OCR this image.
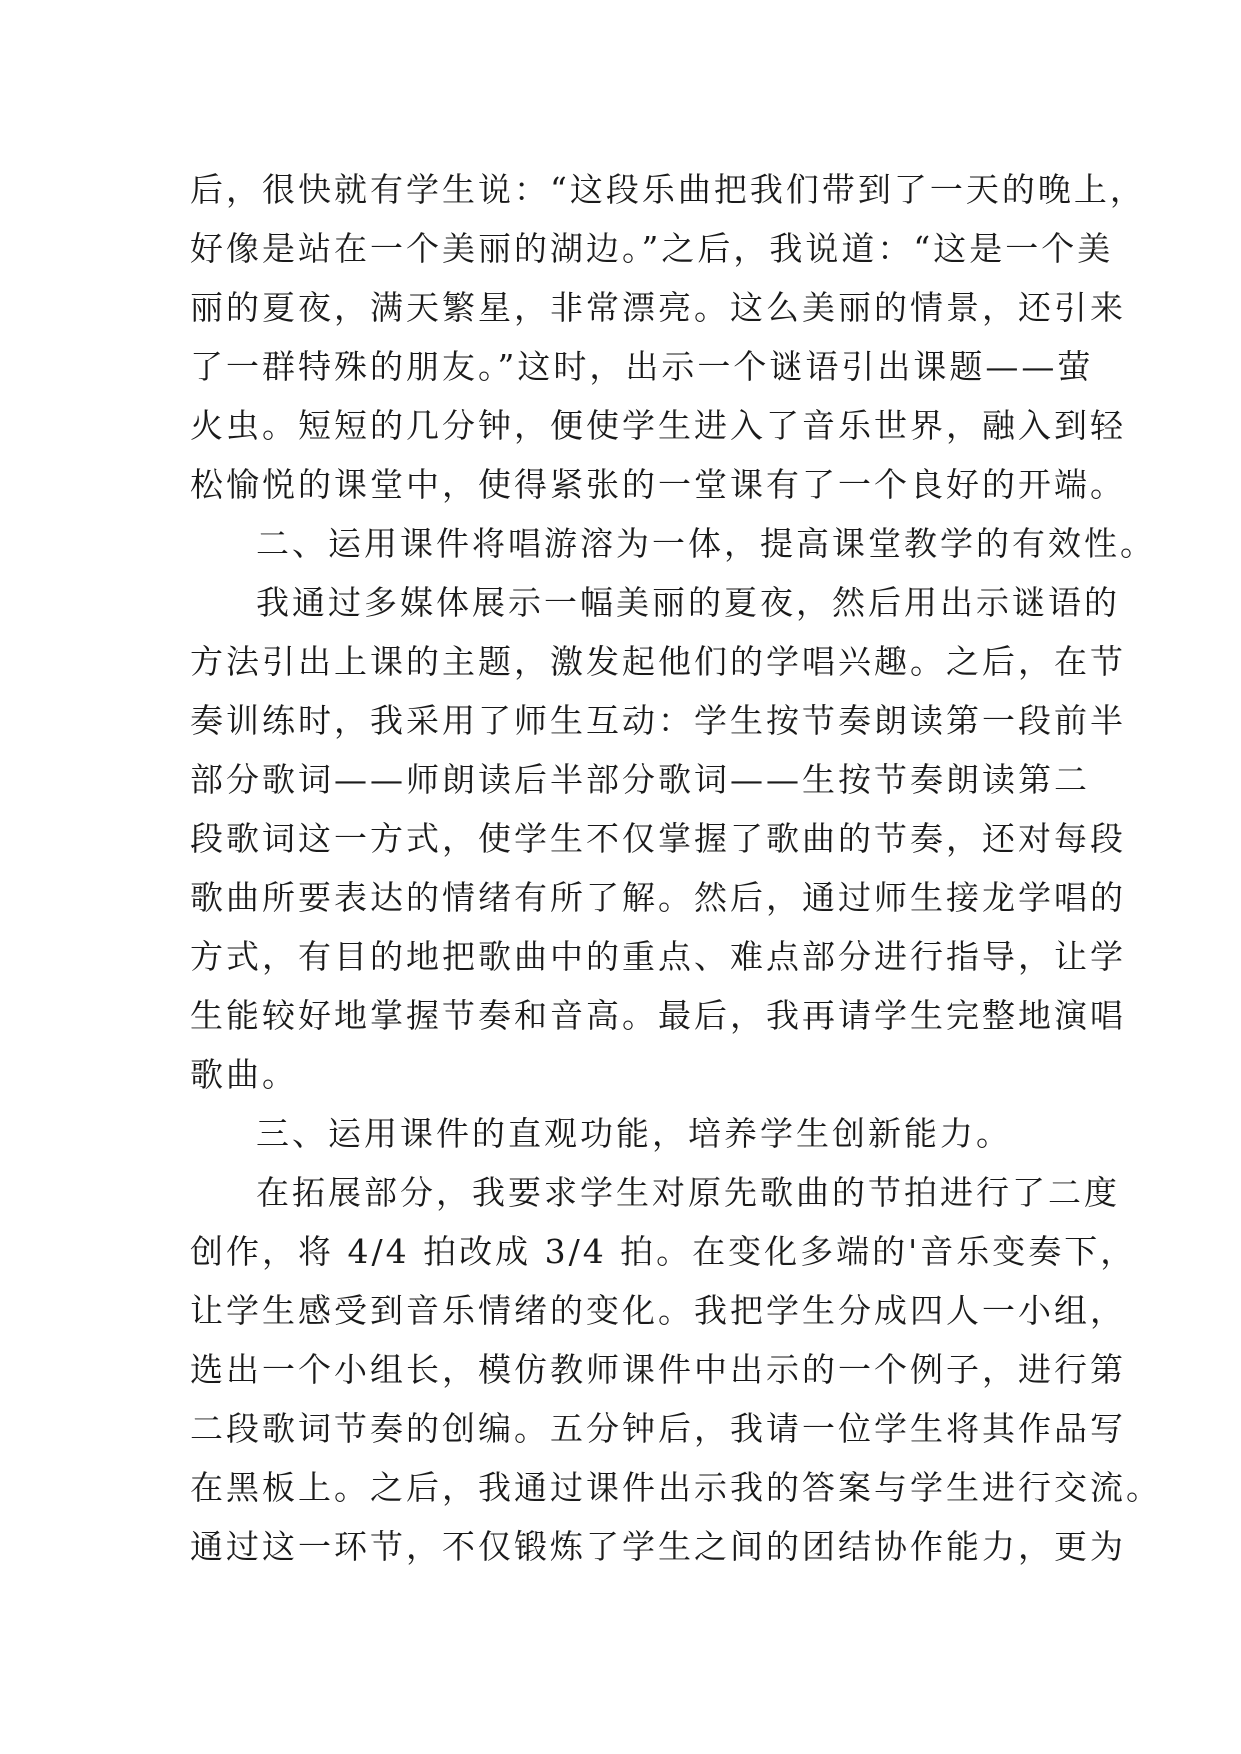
后，很快就有学生说：“这段乐曲把我们带到了一天的晚上，
好像是站在一个美丽的湖边。”之后，我说道：“这是一个美
丽的夏夜，满天繁星，非常漂亮。这么美丽的情景，还引来
了一群特殊的朋友。”这时，出示一个谜语引出课题——萤
火虫。短短的几分钟，便使学生进入了音乐世界，融入到轻
松愉悦的课堂中，使得紧张的一堂课有了一个良好的开端。
二、运用课件将唱游溶为一体，提高课堂教学的有效性。
我通过多媒体展示一幅美丽的夏夜，然后用出示谜语的
方法引出上课的主题，激发起他们的学唱兴趣。之后，在节
奏训练时，我采用了师生互动：学生按节奏朗读第一段前半
部分歌词——师朗读后半部分歌词——生按节奏朗读第二
段歌词这一方式，使学生不仅掌握了歌曲的节奏，还对每段
歌曲所要表达的情绪有所了解。然后，通过师生接龙学唱的
方式，有目的地把歌曲中的重点、难点部分进行指导，让学
生能较好地掌握节奏和音高。最后，我再请学生完整地演唱
歌曲。
三、运用课件的直观功能，培养学生创新能力。
在拓展部分，我要求学生对原先歌曲的节拍进行了二度
创作，将 4/4 拍改成 3/4 拍。在变化多端的'音乐变奏下，
让学生感受到音乐情绪的变化。我把学生分成四人一小组，
选出一个小组长，模仿教师课件中出示的一个例子，进行第
二段歌词节奏的创编。五分钟后，我请一位学生将其作品写
在黑板上。之后，我通过课件出示我的答案与学生进行交流。
通过这一环节，不仅锻炼了学生之间的团结协作能力，更为
